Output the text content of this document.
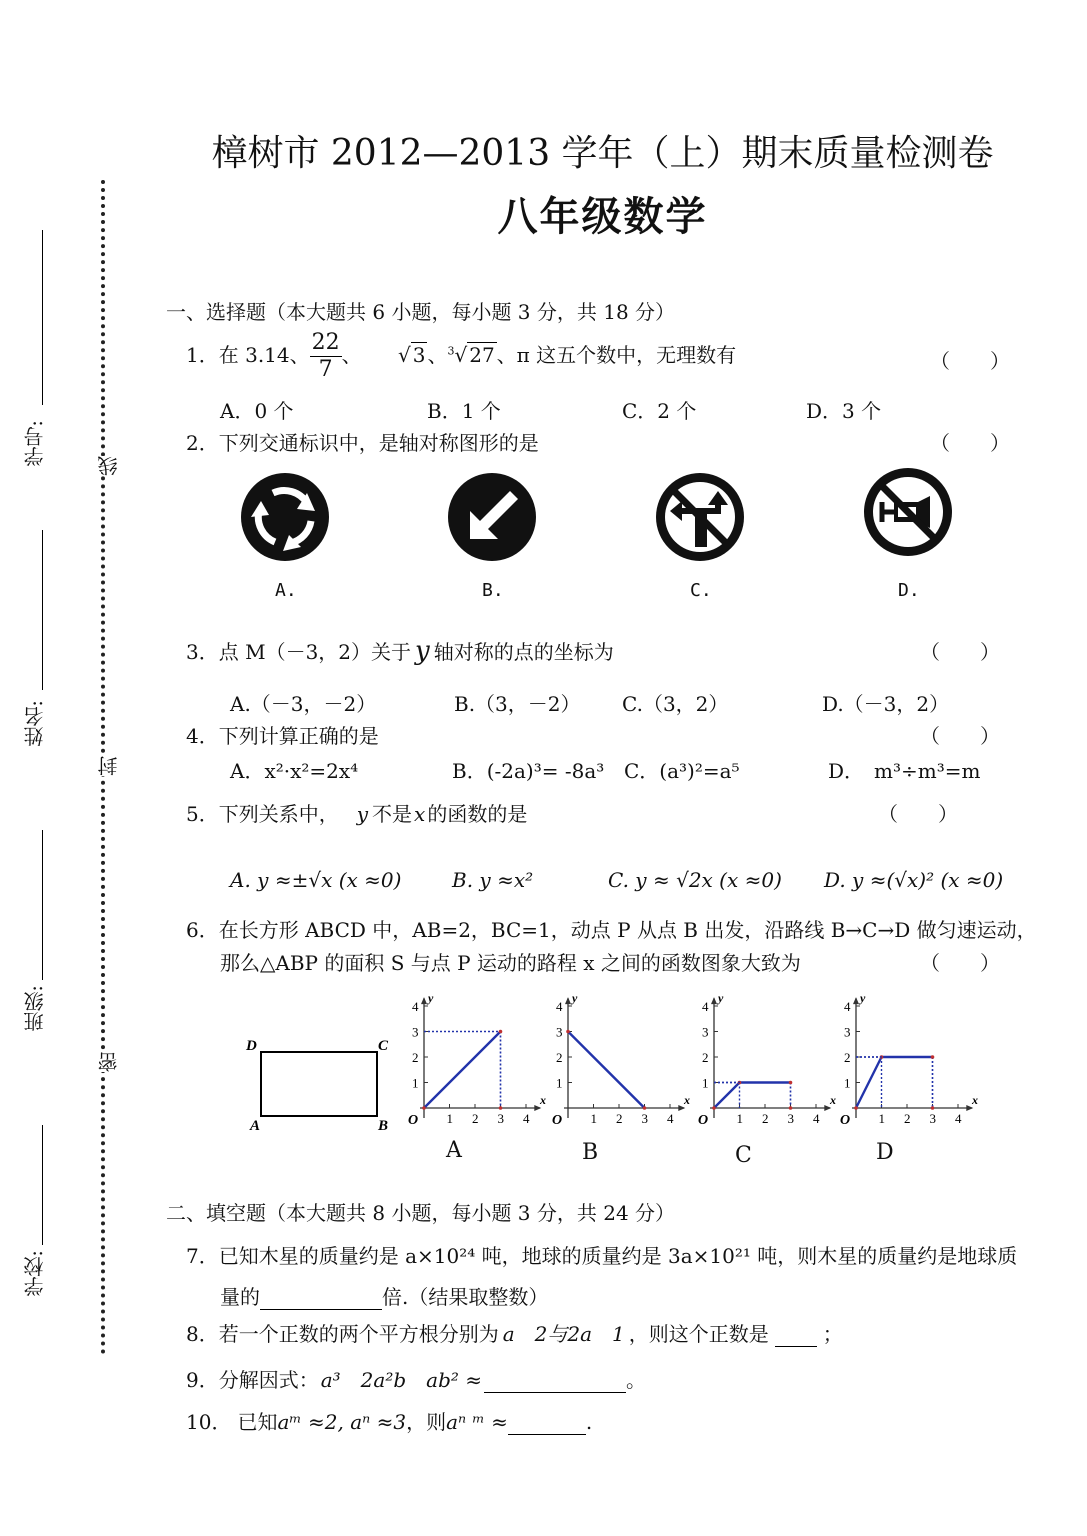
学号:
姓名:
班级:
学校:
线
封
密
樟树市 2012—2013 学年（上）期末质量检测卷
八年级数学
一、选择题（本大题共 6 小题，每小题 3 分，共 18 分）
1．在 3.14、 $\frac{22}{7}$ 、 √ 3 、$^3$√ 27 、π 这五个数中，无理数有	（　　）
A．0 个	B．1 个	C．2 个	D．3 个
2．下列交通标识中，是轴对称图形的是	（　　）
A.	B.	C.	D.
3．点 M（－3，2）关于 y 轴对称的点的坐标为	（　　）
A.（－3，－2）	B.（3，－2） C.（3，2）	D.（－3，2）
4．下列计算正确的是	（　　）
A．x²·x²=2x⁴	B．(-2a)³= -8a³ C．(a³)²=a⁵	D．　m³÷m³=m
5．下列关系中， y 不是 x 的函数的是	（　　）
A. y ≈±√x (x ≈0)	B. y ≈x²	C. y ≈ √2x (x ≈0) D. y ≈(√x)² (x ≈0)
6．在长方形 ABCD 中，AB=2，BC=1，动点 P 从点 B 出发，沿路线 B→C→D 做匀速运动，
那么△ABP 的面积 S 与点 P 运动的路程 x 之间的函数图象大致为	（　　）
D	C
A	B
x
y
O 1
1
2
2
3
3
4
4
x
y
O 1
1
2
2
3
3
4
4
x
y
O 1
1
2
2
3
3
4
4
x
y
O 1
1
2
2
3
3
4
4
A	B	C	D
二、填空题（本大题共 8 小题，每小题 3 分，共 24 分）
7．已知木星的质量约是 a×10²⁴ 吨，地球的质量约是 3a×10²¹ 吨，则木星的质量约是地球质
量的	倍.（结果取整数）
8．若一个正数的两个平方根分别为 a　2与2a　1 ，则这个正数是	；
9．分解因式： a³　2a²b　ab² ≈	。
10． 已知aᵐ ≈2, aⁿ ≈3，则aⁿ ᵐ ≈	.
